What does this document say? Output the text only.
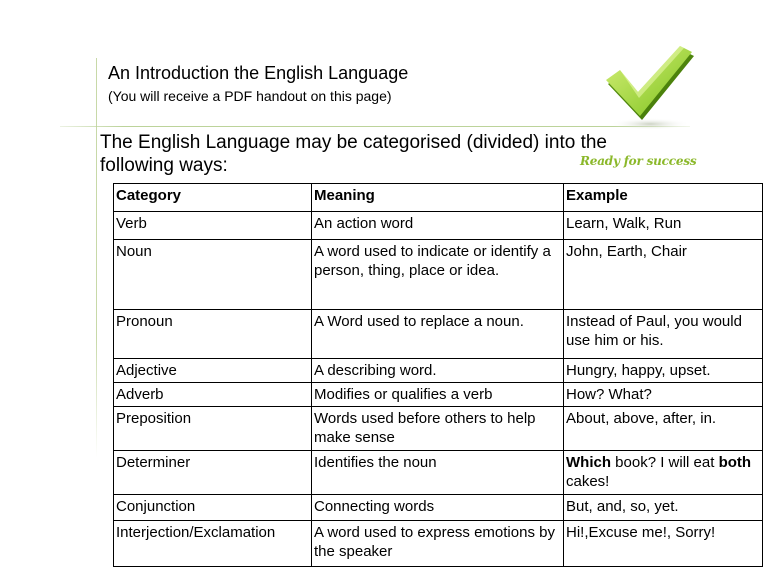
An Introduction the English Language
(You will receive a PDF handout on this page)
Ready for success
The English Language may be categorised (divided) into the following ways:
Category	Meaning	Example
Verb	An action word	Learn, Walk, Run
Noun	A word used to indicate or identify a person, thing, place or idea.	John, Earth, Chair
Pronoun	A Word used to replace a noun.	Instead of Paul, you would use him or his.
Adjective	A describing word.	Hungry, happy, upset.
Adverb	Modifies or qualifies a verb	How? What?
Preposition	Words used before others to help make sense	About, above, after, in.
Determiner	Identifies the noun	Which book? I will eat both cakes!
Conjunction	Connecting words	But, and, so, yet.
Interjection/Exclamation	A word used to express emotions by the speaker	Hi!,Excuse me!, Sorry!
